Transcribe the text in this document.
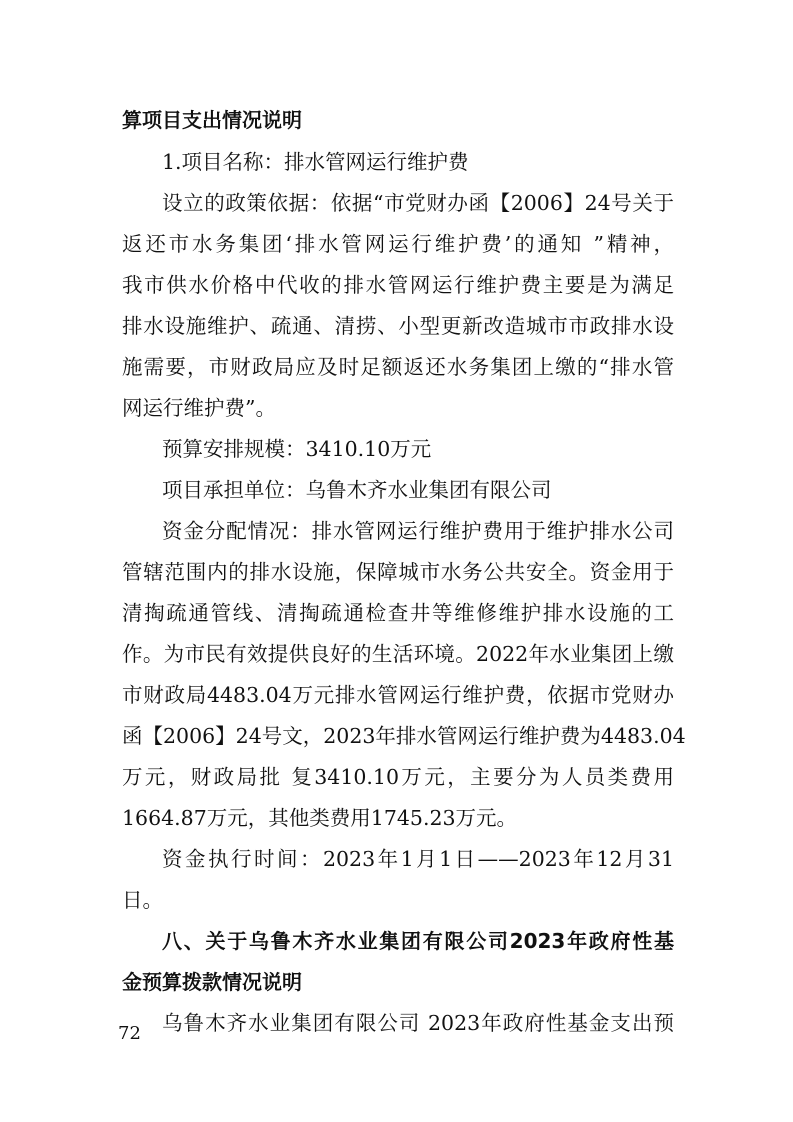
算项目支出情况说明
1.项目名称：排水管网运行维护费
设立的政策依据：依据“市党财办函【2006】24号关于
返还市水务集团‘排水管网运行维护费’的通知 ”精神，
我市供水价格中代收的排水管网运行维护费主要是为满足
排水设施维护、疏通、清捞、小型更新改造城市市政排水设
施需要，市财政局应及时足额返还水务集团上缴的“排水管
网运行维护费”。
预算安排规模：3410.10万元
项目承担单位：乌鲁木齐水业集团有限公司
资金分配情况：排水管网运行维护费用于维护排水公司
管辖范围内的排水设施，保障城市水务公共安全。资金用于
清掏疏通管线、清掏疏通检查井等维修维护排水设施的工
作。为市民有效提供良好的生活环境。2022年水业集团上缴
市财政局4483.04万元排水管网运行维护费，依据市党财办
函【2006】24号文，2023年排水管网运行维护费为4483.04
万元，财政局批 复3410.10万元，主要分为人员类费用
1664.87万元，其他类费用1745.23万元。
资金执行时间：2023年1月1日——2023年12月31
日。
八、关于乌鲁木齐水业集团有限公司2023年政府性基
金预算拨款情况说明
乌鲁木齐水业集团有限公司 2023年政府性基金支出预
72
